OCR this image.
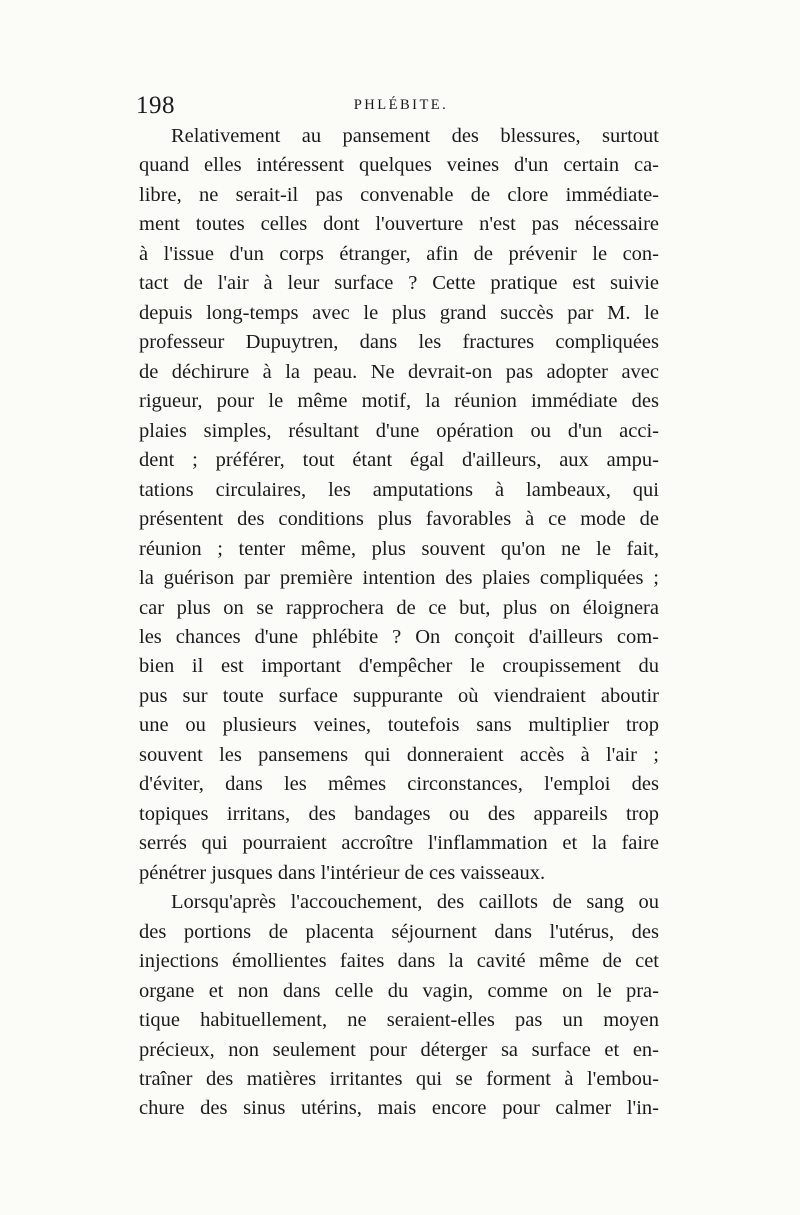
198	PHLÉBITE.
Relativement au pansement des blessures, surtout
quand elles intéressent quelques veines d'un certain ca-
libre, ne serait-il pas convenable de clore immédiate-
ment toutes celles dont l'ouverture n'est pas nécessaire
à l'issue d'un corps étranger, afin de prévenir le con-
tact de l'air à leur surface ? Cette pratique est suivie
depuis long-temps avec le plus grand succès par M. le
professeur Dupuytren, dans les fractures compliquées
de déchirure à la peau. Ne devrait-on pas adopter avec
rigueur, pour le même motif, la réunion immédiate des
plaies simples, résultant d'une opération ou d'un acci-
dent ; préférer, tout étant égal d'ailleurs, aux ampu-
tations circulaires, les amputations à lambeaux, qui
présentent des conditions plus favorables à ce mode de
réunion ; tenter même, plus souvent qu'on ne le fait,
la guérison par première intention des plaies compliquées ;
car plus on se rapprochera de ce but, plus on éloignera
les chances d'une phlébite ? On conçoit d'ailleurs com-
bien il est important d'empêcher le croupissement du
pus sur toute surface suppurante où viendraient aboutir
une ou plusieurs veines, toutefois sans multiplier trop
souvent les pansemens qui donneraient accès à l'air ;
d'éviter, dans les mêmes circonstances, l'emploi des
topiques irritans, des bandages ou des appareils trop
serrés qui pourraient accroître l'inflammation et la faire
pénétrer jusques dans l'intérieur de ces vaisseaux.
Lorsqu'après l'accouchement, des caillots de sang ou
des portions de placenta séjournent dans l'utérus, des
injections émollientes faites dans la cavité même de cet
organe et non dans celle du vagin, comme on le pra-
tique habituellement, ne seraient-elles pas un moyen
précieux, non seulement pour déterger sa surface et en-
traîner des matières irritantes qui se forment à l'embou-
chure des sinus utérins, mais encore pour calmer l'in-
